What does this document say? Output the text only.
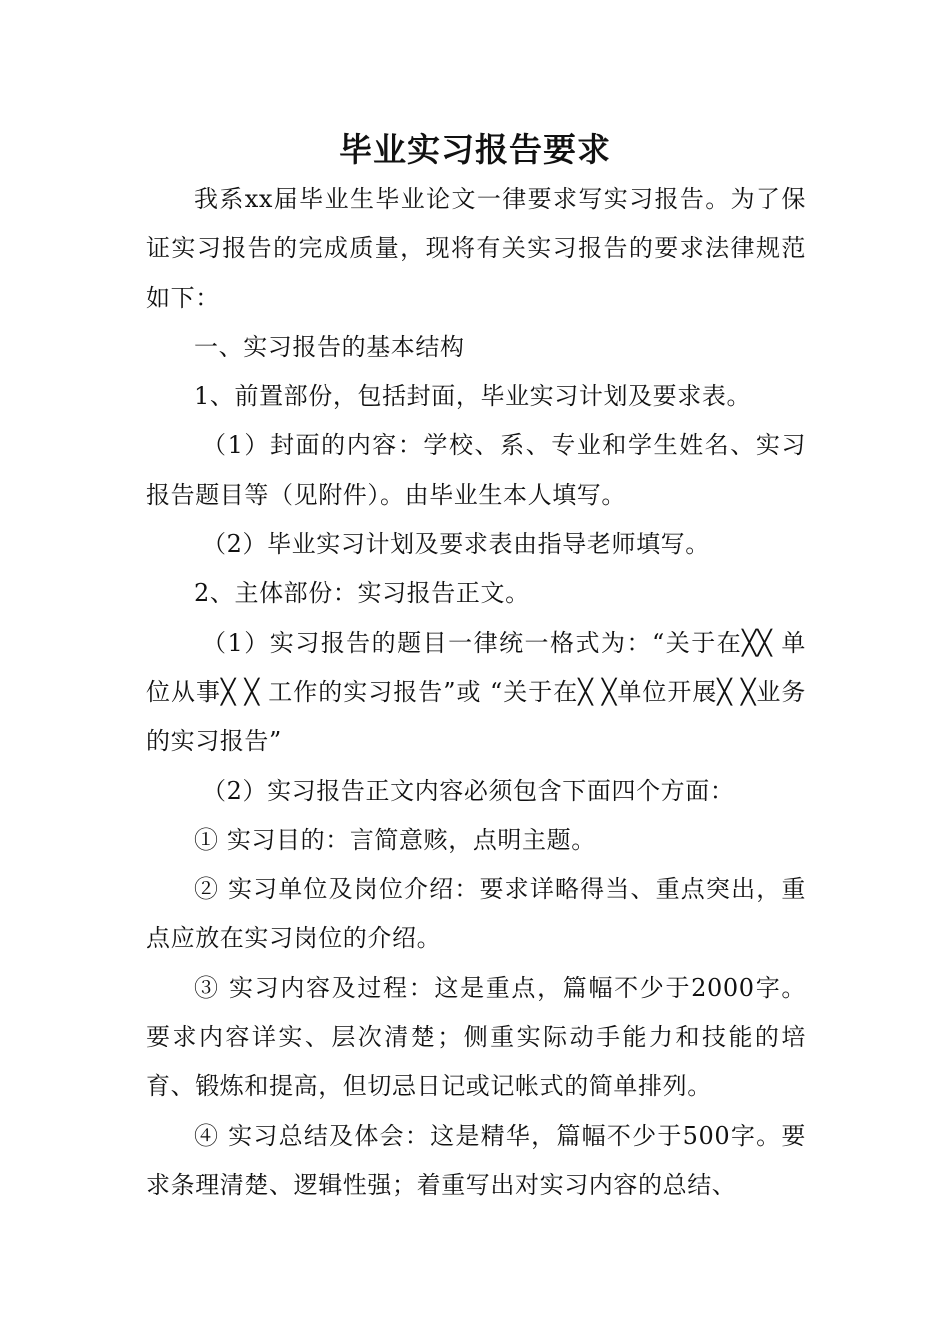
毕业实习报告要求

我系xx届毕业生毕业论文一律要求写实习报告。为了保证实习报告的完成质量，现将有关实习报告的要求法律规范如下：

一、实习报告的基本结构

1、前置部份，包括封面，毕业实习计划及要求表。

（1）封面的内容：学校、系、专业和学生姓名、实习报告题目等（见附件）。由毕业生本人填写。

（2）毕业实习计划及要求表由指导老师填写。

2、主体部份：实习报告正文。

（1）实习报告的题目一律统一格式为：“关于在╳╳ 单位从事╳ ╳ 工作的实习报告”或 “关于在╳ ╳单位开展╳ ╳业务的实习报告”

（2）实习报告正文内容必须包含下面四个方面：

① 实习目的：言简意赅，点明主题。

② 实习单位及岗位介绍：要求详略得当、重点突出，重点应放在实习岗位的介绍。

③ 实习内容及过程：这是重点，篇幅不少于2000字。要求内容详实、层次清楚；侧重实际动手能力和技能的培育、锻炼和提高，但切忌日记或记帐式的简单排列。

④ 实习总结及体会：这是精华，篇幅不少于500字。要求条理清楚、逻辑性强；着重写出对实习内容的总结、
